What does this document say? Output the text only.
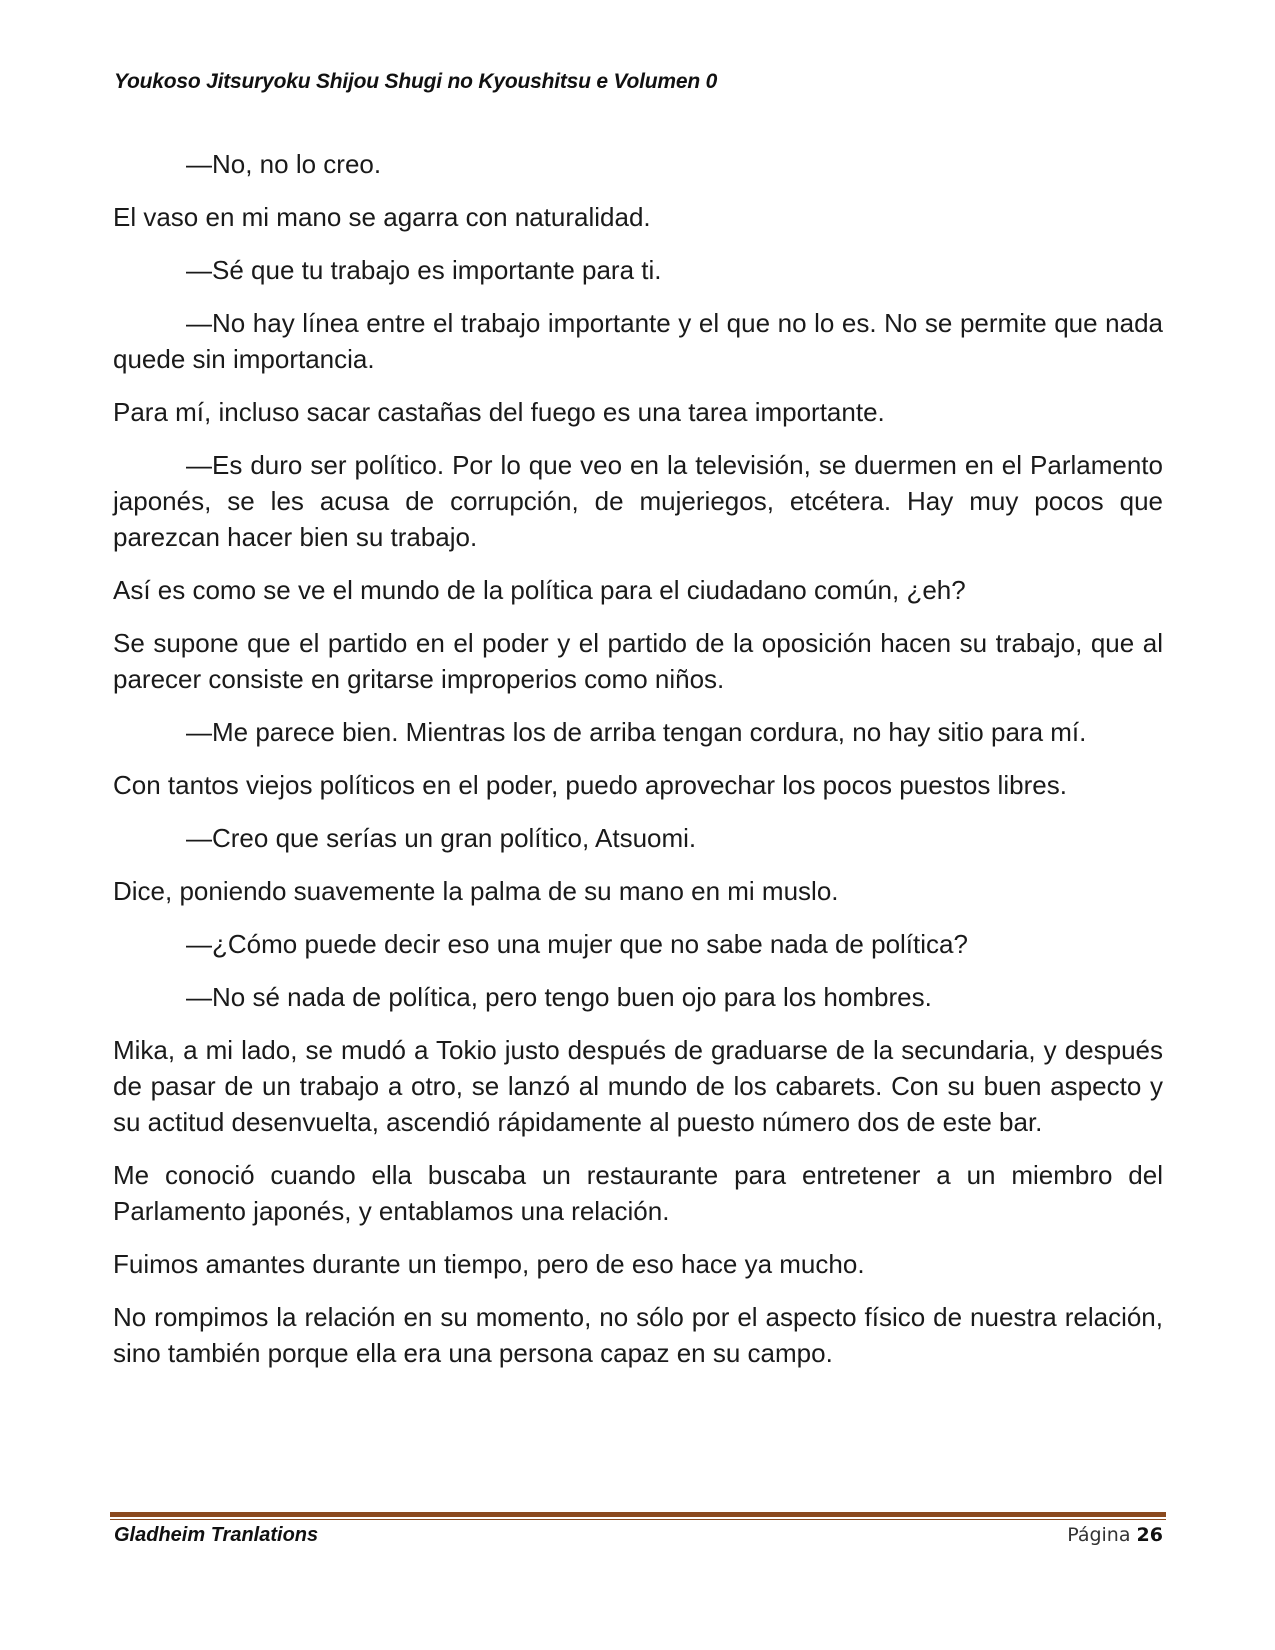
Youkoso Jitsuryoku Shijou Shugi no Kyoushitsu e Volumen 0

—No, no lo creo.

El vaso en mi mano se agarra con naturalidad.

—Sé que tu trabajo es importante para ti.

—No hay línea entre el trabajo importante y el que no lo es. No se permite que nada quede sin importancia.

Para mí, incluso sacar castañas del fuego es una tarea importante.

—Es duro ser político. Por lo que veo en la televisión, se duermen en el Parlamento japonés, se les acusa de corrupción, de mujeriegos, etcétera. Hay muy pocos que parezcan hacer bien su trabajo.

Así es como se ve el mundo de la política para el ciudadano común, ¿eh?

Se supone que el partido en el poder y el partido de la oposición hacen su trabajo, que al parecer consiste en gritarse improperios como niños.

—Me parece bien. Mientras los de arriba tengan cordura, no hay sitio para mí.

Con tantos viejos políticos en el poder, puedo aprovechar los pocos puestos libres.

—Creo que serías un gran político, Atsuomi.

Dice, poniendo suavemente la palma de su mano en mi muslo.

—¿Cómo puede decir eso una mujer que no sabe nada de política?

—No sé nada de política, pero tengo buen ojo para los hombres.

Mika, a mi lado, se mudó a Tokio justo después de graduarse de la secundaria, y después de pasar de un trabajo a otro, se lanzó al mundo de los cabarets. Con su buen aspecto y su actitud desenvuelta, ascendió rápidamente al puesto número dos de este bar.

Me conoció cuando ella buscaba un restaurante para entretener a un miembro del Parlamento japonés, y entablamos una relación.

Fuimos amantes durante un tiempo, pero de eso hace ya mucho.

No rompimos la relación en su momento, no sólo por el aspecto físico de nuestra relación, sino también porque ella era una persona capaz en su campo.

Gladheim Tranlations	Página 26
